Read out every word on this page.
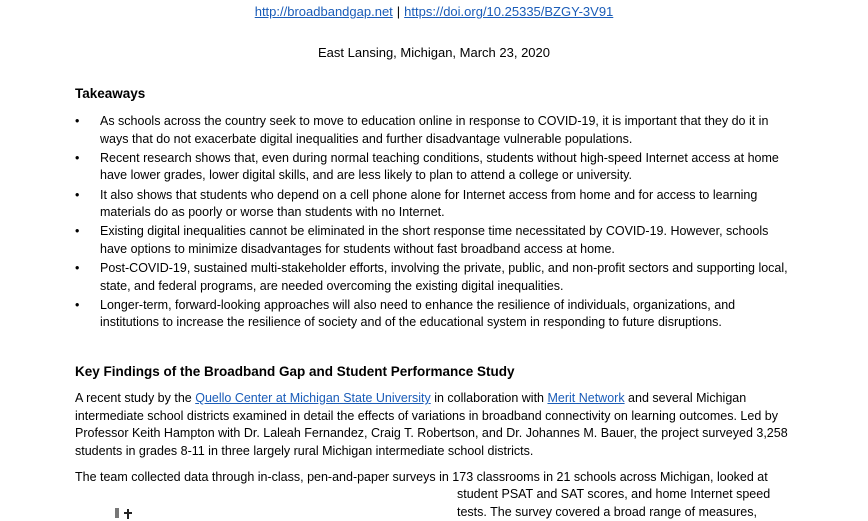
http://broadbandgap.net | https://doi.org/10.25335/BZGY-3V91
East Lansing, Michigan, March 23, 2020
Takeaways
• As schools across the country seek to move to education online in response to COVID-19, it is important that they do it in ways that do not exacerbate digital inequalities and further disadvantage vulnerable populations.
• Recent research shows that, even during normal teaching conditions, students without high-speed Internet access at home have lower grades, lower digital skills, and are less likely to plan to attend a college or university.
• It also shows that students who depend on a cell phone alone for Internet access from home and for access to learning materials do as poorly or worse than students with no Internet.
• Existing digital inequalities cannot be eliminated in the short response time necessitated by COVID-19. However, schools have options to minimize disadvantages for students without fast broadband access at home.
• Post-COVID-19, sustained multi-stakeholder efforts, involving the private, public, and non-profit sectors and supporting local, state, and federal programs, are needed overcoming the existing digital inequalities.
• Longer-term, forward-looking approaches will also need to enhance the resilience of individuals, organizations, and institutions to increase the resilience of society and of the educational system in responding to future disruptions.
Key Findings of the Broadband Gap and Student Performance Study

A recent study by the Quello Center at Michigan State University in collaboration with Merit Network and several Michigan intermediate school districts examined in detail the effects of variations in broadband connectivity on learning outcomes. Led by Professor Keith Hampton with Dr. Laleah Fernandez, Craig T. Robertson, and Dr. Johannes M. Bauer, the project surveyed 3,258 students in grades 8-11 in three largely rural Michigan intermediate school districts.

The team collected data through in-class, pen-and-paper surveys in 173 classrooms in 21 schools across Michigan, looked at

student PSAT and SAT scores, and home Internet speed tests. The survey covered a broad range of measures,
